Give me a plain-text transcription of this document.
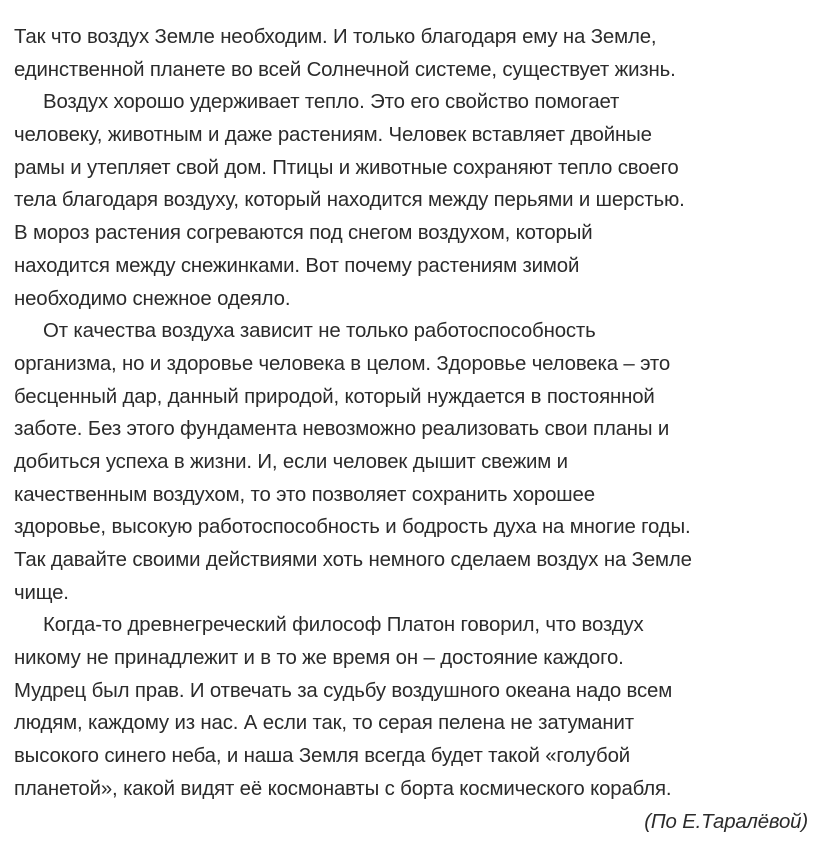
Так что воздух Земле необходим. И только благодаря ему на Земле,
единственной планете во всей Солнечной системе, существует жизнь.
Воздух хорошо удерживает тепло. Это его свойство помогает
человеку, животным и даже растениям. Человек вставляет двойные
рамы и утепляет свой дом. Птицы и животные сохраняют тепло своего
тела благодаря воздуху, который находится между перьями и шерстью.
В мороз растения согреваются под снегом воздухом, который
находится между снежинками. Вот почему растениям зимой
необходимо снежное одеяло.
От качества воздуха зависит не только работоспособность
организма, но и здоровье человека в целом. Здоровье человека – это
бесценный дар, данный природой, который нуждается в постоянной
заботе. Без этого фундамента невозможно реализовать свои планы и
добиться успеха в жизни. И, если человек дышит свежим и
качественным воздухом, то это позволяет сохранить хорошее
здоровье, высокую работоспособность и бодрость духа на многие годы.
Так давайте своими действиями хоть немного сделаем воздух на Земле
чище.
Когда-то древнегреческий философ Платон говорил, что воздух
никому не принадлежит и в то же время он – достояние каждого.
Мудрец был прав. И отвечать за судьбу воздушного океана надо всем
людям, каждому из нас. А если так, то серая пелена не затуманит
высокого синего неба, и наша Земля всегда будет такой «голубой
планетой», какой видят её космонавты с борта космического корабля.
(По Е.Таралёвой)
